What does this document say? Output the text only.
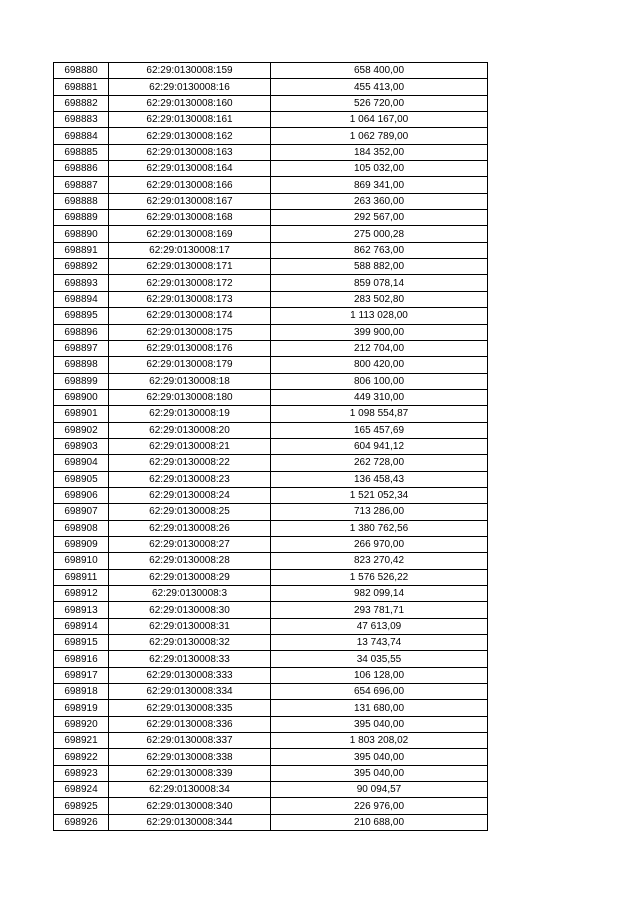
698880	62:29:0130008:159	658 400,00
698881	62:29:0130008:16	455 413,00
698882	62:29:0130008:160	526 720,00
698883	62:29:0130008:161	1 064 167,00
698884	62:29:0130008:162	1 062 789,00
698885	62:29:0130008:163	184 352,00
698886	62:29:0130008:164	105 032,00
698887	62:29:0130008:166	869 341,00
698888	62:29:0130008:167	263 360,00
698889	62:29:0130008:168	292 567,00
698890	62:29:0130008:169	275 000,28
698891	62:29:0130008:17	862 763,00
698892	62:29:0130008:171	588 882,00
698893	62:29:0130008:172	859 078,14
698894	62:29:0130008:173	283 502,80
698895	62:29:0130008:174	1 113 028,00
698896	62:29:0130008:175	399 900,00
698897	62:29:0130008:176	212 704,00
698898	62:29:0130008:179	800 420,00
698899	62:29:0130008:18	806 100,00
698900	62:29:0130008:180	449 310,00
698901	62:29:0130008:19	1 098 554,87
698902	62:29:0130008:20	165 457,69
698903	62:29:0130008:21	604 941,12
698904	62:29:0130008:22	262 728,00
698905	62:29:0130008:23	136 458,43
698906	62:29:0130008:24	1 521 052,34
698907	62:29:0130008:25	713 286,00
698908	62:29:0130008:26	1 380 762,56
698909	62:29:0130008:27	266 970,00
698910	62:29:0130008:28	823 270,42
698911	62:29:0130008:29	1 576 526,22
698912	62:29:0130008:3	982 099,14
698913	62:29:0130008:30	293 781,71
698914	62:29:0130008:31	47 613,09
698915	62:29:0130008:32	13 743,74
698916	62:29:0130008:33	34 035,55
698917	62:29:0130008:333	106 128,00
698918	62:29:0130008:334	654 696,00
698919	62:29:0130008:335	131 680,00
698920	62:29:0130008:336	395 040,00
698921	62:29:0130008:337	1 803 208,02
698922	62:29:0130008:338	395 040,00
698923	62:29:0130008:339	395 040,00
698924	62:29:0130008:34	90 094,57
698925	62:29:0130008:340	226 976,00
698926	62:29:0130008:344	210 688,00
